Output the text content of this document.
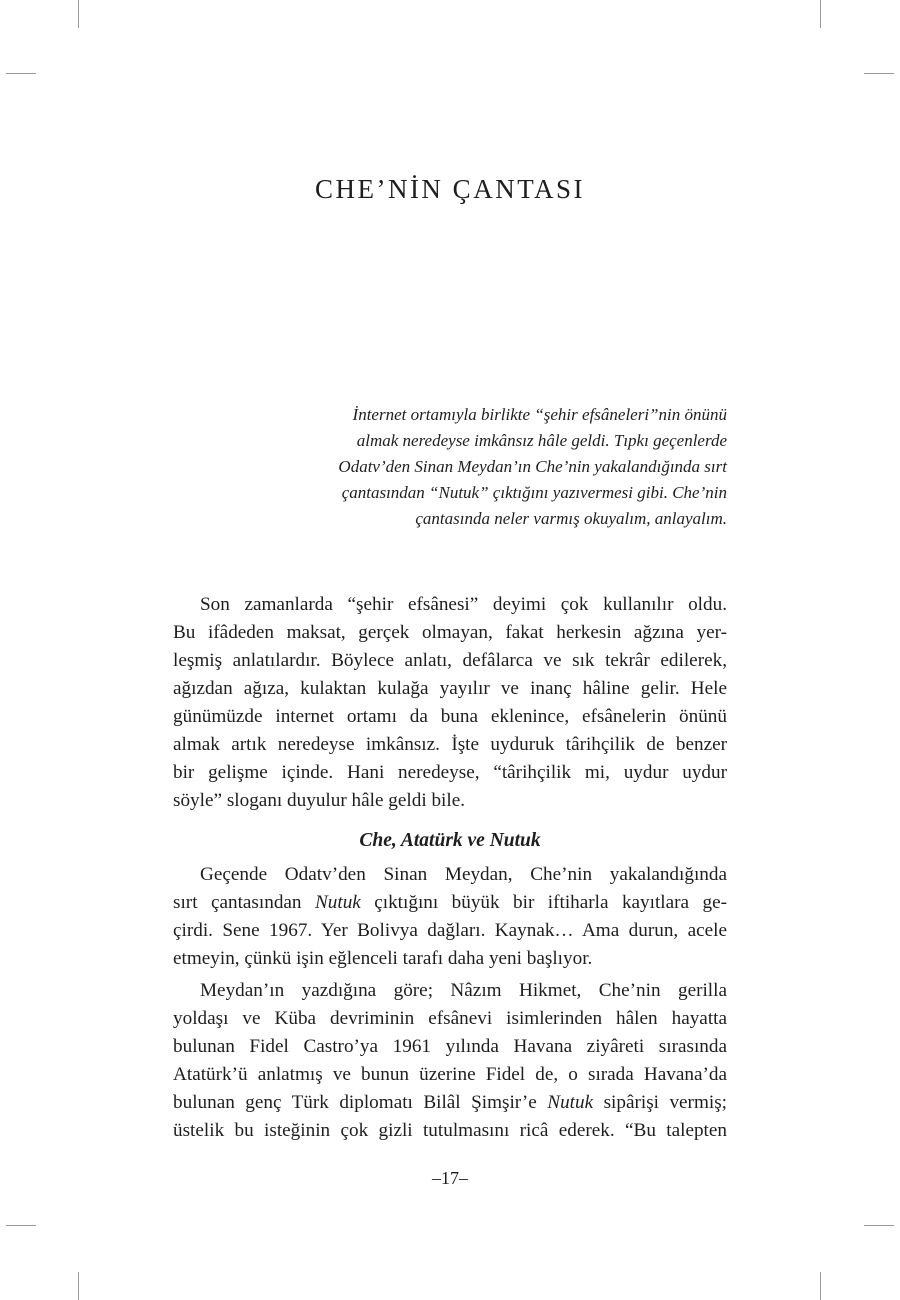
CHE’NİN ÇANTASI
İnternet ortamıyla birlikte “şehir efsâneleri”nin önünü
almak neredeyse imkânsız hâle geldi. Tıpkı geçenlerde
Odatv’den Sinan Meydan’ın Che’nin yakalandığında sırt
çantasından “Nutuk” çıktığını yazıvermesi gibi. Che’nin
çantasında neler varmış okuyalım, anlayalım.

Son zamanlarda “şehir efsânesi” deyimi çok kullanılır oldu.
Bu ifâdeden maksat, gerçek olmayan, fakat herkesin ağzına yer-
leşmiş anlatılardır. Böylece anlatı, defâlarca ve sık tekrâr edilerek,
ağızdan ağıza, kulaktan kulağa yayılır ve inanç hâline gelir. Hele
günümüzde internet ortamı da buna eklenince, efsânelerin önünü
almak artık neredeyse imkânsız. İşte uyduruk târihçilik de benzer
bir gelişme içinde. Hani neredeyse, “târihçilik mi, uydur uydur
söyle” sloganı duyulur hâle geldi bile.

Che, Atatürk ve Nutuk

Geçende Odatv’den Sinan Meydan, Che’nin yakalandığında
sırt çantasından Nutuk çıktığını büyük bir iftiharla kayıtlara ge-
çirdi. Sene 1967. Yer Bolivya dağları. Kaynak… Ama durun, acele
etmeyin, çünkü işin eğlenceli tarafı daha yeni başlıyor.

Meydan’ın yazdığına göre; Nâzım Hikmet, Che’nin gerilla
yoldaşı ve Küba devriminin efsânevi isimlerinden hâlen hayatta
bulunan Fidel Castro’ya 1961 yılında Havana ziyâreti sırasında
Atatürk’ü anlatmış ve bunun üzerine Fidel de, o sırada Havana’da
bulunan genç Türk diplomatı Bilâl Şimşir’e Nutuk sipârişi vermiş;
üstelik bu isteğinin çok gizli tutulmasını ricâ ederek. “Bu talepten

–17–
